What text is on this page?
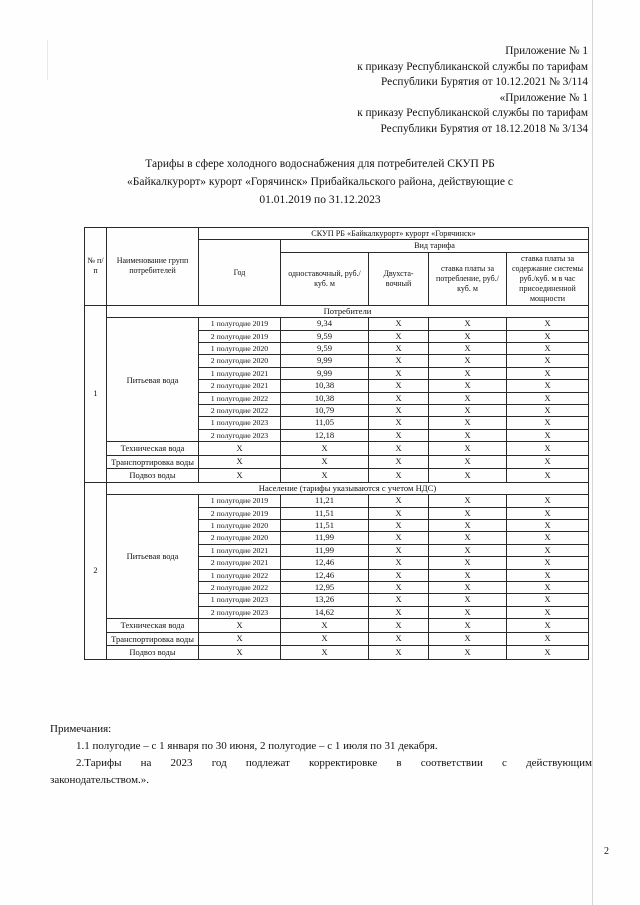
Приложение № 1
к приказу Республиканской службы по тарифам
Республики Бурятия от 10.12.2021 № 3/114
«Приложение № 1
к приказу Республиканской службы по тарифам
Республики Бурятия от 18.12.2018 № 3/134
Тарифы в сфере холодного водоснабжения для потребителей СКУП РБ
«Байкалкурорт» курорт «Горячинск» Прибайкальского района, действующие с
01.01.2019 по 31.12.2023
№ п/п	Наименование групп потребителей	СКУП РБ «Байкалкурорт» курорт «Горячинск»				
		Год	Вид тарифа			
			одноставочный, руб./ куб. м	Двухста-вочный	ставка платы за потребление, руб./ куб. м	ставка платы за содержание системы руб./куб. м в час присоединенной мощности
1	Потребители					
	Питьевая вода	1 полугодие 2019	9,34	X	X	X
		2 полугодие 2019	9,59	X	X	X
		1 полугодие 2020	9,59	X	X	X
		2 полугодие 2020	9,99	X	X	X
		1 полугодие 2021	9,99	X	X	X
		2 полугодие 2021	10,38	X	X	X
		1 полугодие 2022	10,38	X	X	X
		2 полугодие 2022	10,79	X	X	X
		1 полугодие 2023	11,05	X	X	X
		2 полугодие 2023	12,18	X	X	X
	Техническая вода	X	X	X	X	X
	Транспортировка воды	X	X	X	X	X
	Подвоз воды	X	X	X	X	X
2	Население (тарифы указываются с учетом НДС)					
	Питьевая вода	1 полугодие 2019	11,21	X	X	X
		2 полугодие 2019	11,51	X	X	X
		1 полугодие 2020	11,51	X	X	X
		2 полугодие 2020	11,99	X	X	X
		1 полугодие 2021	11,99	X	X	X
		2 полугодие 2021	12,46	X	X	X
		1 полугодие 2022	12,46	X	X	X
		2 полугодие 2022	12,95	X	X	X
		1 полугодие 2023	13,26	X	X	X
		2 полугодие 2023	14,62	X	X	X
	Техническая вода	X	X	X	X	X
	Транспортировка воды	X	X	X	X	X
	Подвоз воды	X	X	X	X	X
Примечания:
1.1 полугодие – с 1 января по 30 июня, 2 полугодие – с 1 июля по 31 декабря.
2.Тарифы на 2023 год подлежат корректировке в соответствии с действующим
законодательством.».
2
